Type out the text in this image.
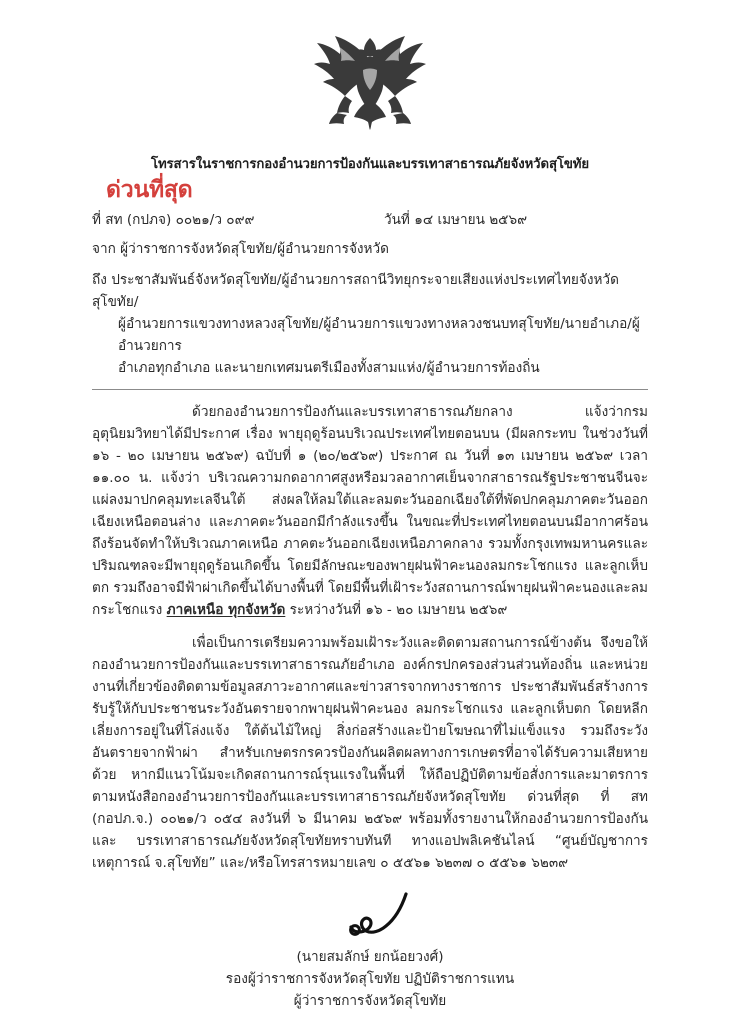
โทรสารในราชการกองอำนวยการป้องกันและบรรเทาสาธารณภัยจังหวัดสุโขทัย
ด่วนที่สุด
ที่ สท (กปภจ) ๐๐๒๑/ว ๐๙๙	วันที่ ๑๔ เมษายน ๒๕๖๙
จาก ผู้ว่าราชการจังหวัดสุโขทัย/ผู้อำนวยการจังหวัด
ถึง ประชาสัมพันธ์จังหวัดสุโขทัย/ผู้อำนวยการสถานีวิทยุกระจายเสียงแห่งประเทศไทยจังหวัดสุโขทัย/
ผู้อำนวยการแขวงทางหลวงสุโขทัย/ผู้อำนวยการแขวงทางหลวงชนบทสุโขทัย/นายอำเภอ/ผู้อำนวยการ
อำเภอทุกอำเภอ และนายกเทศมนตรีเมืองทั้งสามแห่ง/ผู้อำนวยการท้องถิ่น
ด้วยกองอำนวยการป้องกันและบรรเทาสาธารณภัยกลาง แจ้งว่ากรมอุตุนิยมวิทยาได้มีประกาศ เรื่อง พายุฤดูร้อนบริเวณประเทศไทยตอนบน (มีผลกระทบ ในช่วงวันที่ ๑๖ - ๒๐ เมษายน ๒๕๖๙) ฉบับที่ ๑ (๒๐/๒๕๖๙) ประกาศ ณ วันที่ ๑๓ เมษายน ๒๕๖๙ เวลา ๑๑.๐๐ น. แจ้งว่า บริเวณความกดอากาศสูงหรือมวลอากาศเย็นจากสาธารณรัฐประชาชนจีนจะแผ่ลงมาปกคลุมทะเลจีนใต้ ส่งผลให้ลมใต้และลมตะวันออกเฉียงใต้ที่พัดปกคลุมภาคตะวันออกเฉียงเหนือตอนล่าง และภาคตะวันออกมีกำลังแรงขึ้น ในขณะที่ประเทศไทยตอนบนมีอากาศร้อนถึงร้อนจัดทำให้บริเวณภาคเหนือ ภาคตะวันออกเฉียงเหนือภาคกลาง รวมทั้งกรุงเทพมหานครและปริมณฑลจะมีพายุฤดูร้อนเกิดขึ้น โดยมีลักษณะของพายุฝนฟ้าคะนองลมกระโชกแรง และลูกเห็บตก รวมถึงอาจมีฟ้าผ่าเกิดขึ้นได้บางพื้นที่ โดยมีพื้นที่เฝ้าระวังสถานการณ์พายุฝนฟ้าคะนองและลมกระโชกแรง ภาคเหนือ ทุกจังหวัด ระหว่างวันที่ ๑๖ - ๒๐ เมษายน ๒๕๖๙
เพื่อเป็นการเตรียมความพร้อมเฝ้าระวังและติดตามสถานการณ์ข้างต้น จึงขอให้กองอำนวยการป้องกันและบรรเทาสาธารณภัยอำเภอ องค์กรปกครองส่วนส่วนท้องถิ่น และหน่วยงานที่เกี่ยวข้องติดตามข้อมูลสภาวะอากาศและข่าวสารจากทางราชการ ประชาสัมพันธ์สร้างการรับรู้ให้กับประชาชนระวังอันตรายจากพายุฝนฟ้าคะนอง ลมกระโชกแรง และลูกเห็บตก โดยหลีกเลี่ยงการอยู่ในที่โล่งแจ้ง ใต้ต้นไม้ใหญ่ สิ่งก่อสร้างและป้ายโฆษณาที่ไม่แข็งแรง รวมถึงระวังอันตรายจากฟ้าผ่า สำหรับเกษตรกรควรป้องกันผลิตผลทางการเกษตรที่อาจได้รับความเสียหายด้วย หากมีแนวโน้มจะเกิดสถานการณ์รุนแรงในพื้นที่ ให้ถือปฏิบัติตามข้อสั่งการและมาตรการตามหนังสือกองอำนวยการป้องกันและบรรเทาสาธารณภัยจังหวัดสุโขทัย ด่วนที่สุด ที่ สท (กอปภ.จ.) ๐๐๒๑/ว ๐๕๔ ลงวันที่ ๖ มีนาคม ๒๕๖๙ พร้อมทั้งรายงานให้กองอำนวยการป้องกันและ บรรเทาสาธารณภัยจังหวัดสุโขทัยทราบทันที ทางแอปพลิเคชันไลน์ “ศูนย์บัญชาการเหตุการณ์ จ.สุโขทัย” และ/หรือโทรสารหมายเลข ๐ ๕๕๖๑ ๖๒๓๗ ๐ ๕๕๖๑ ๖๒๓๙
(นายสมลักษ์ ยกน้อยวงศ์)
รองผู้ว่าราชการจังหวัดสุโขทัย ปฏิบัติราชการแทน
ผู้ว่าราชการจังหวัดสุโขทัย
